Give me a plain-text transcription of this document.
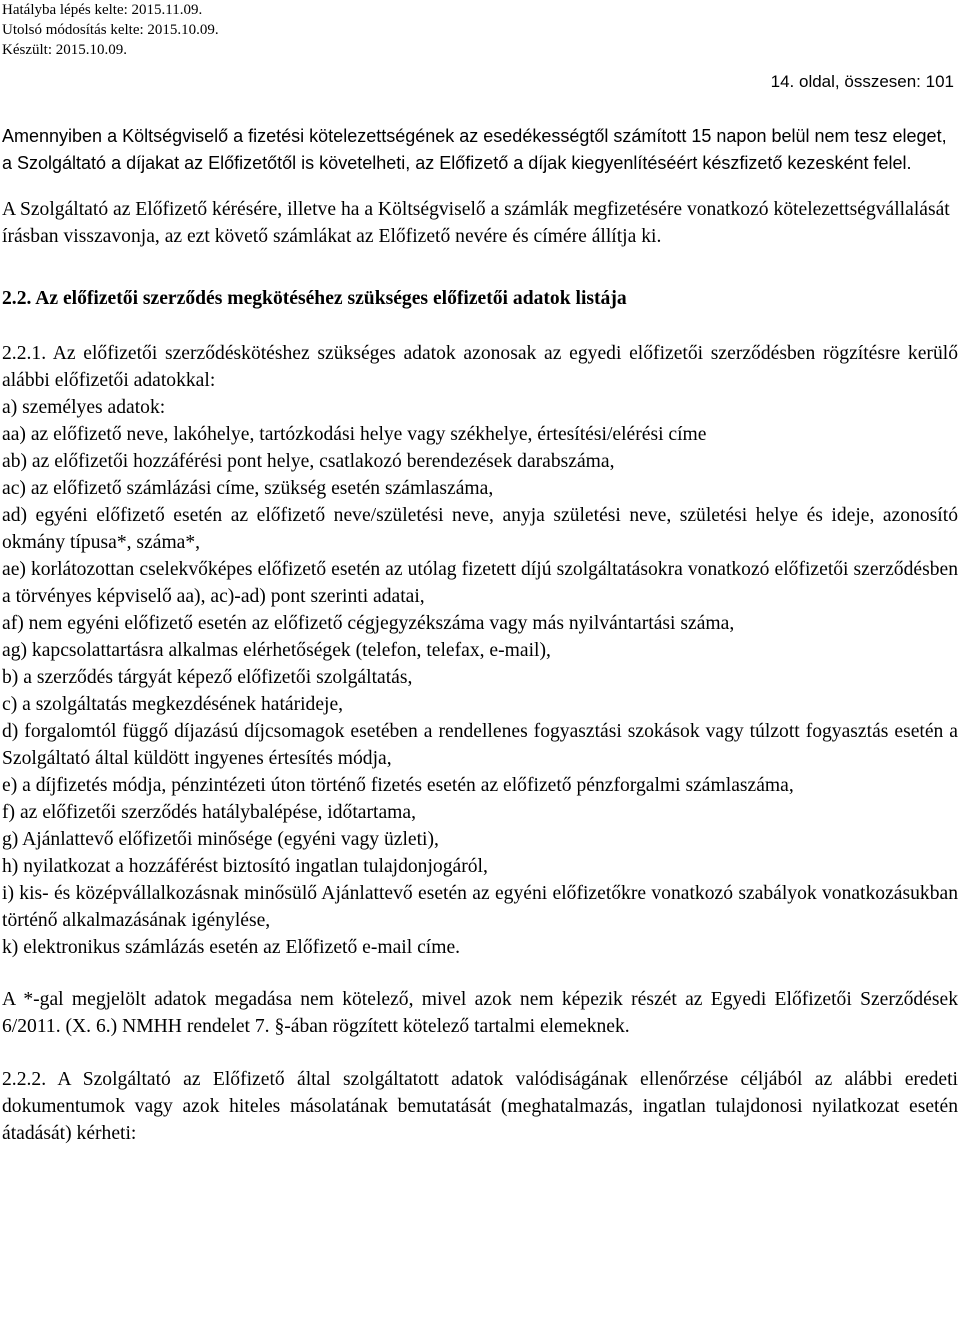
Hatályba lépés kelte: 2015.11.09.
Utolsó módosítás kelte: 2015.10.09.
Készült: 2015.10.09.
14. oldal, összesen: 101

Amennyiben a Költségviselő a fizetési kötelezettségének az esedékességtől számított 15 napon belül nem tesz eleget, a Szolgáltató a díjakat az Előfizetőtől is követelheti, az Előfizető a díjak kiegyenlítéséért készfizető kezesként felel.

A Szolgáltató az Előfizető kérésére, illetve ha a Költségviselő a számlák megfizetésére vonatkozó kötelezettségvállalását írásban visszavonja, az ezt követő számlákat az Előfizető nevére és címére állítja ki.

2.2. Az előfizetői szerződés megkötéséhez szükséges előfizetői adatok listája

2.2.1. Az előfizetői szerződéskötéshez szükséges adatok azonosak az egyedi előfizetői szerződésben rögzítésre kerülő alábbi előfizetői adatokkal:

a) személyes adatok:

aa) az előfizető neve, lakóhelye, tartózkodási helye vagy székhelye, értesítési/elérési címe

ab) az előfizetői hozzáférési pont helye, csatlakozó berendezések darabszáma,

ac) az előfizető számlázási címe, szükség esetén számlaszáma,

ad) egyéni előfizető esetén az előfizető neve/születési neve, anyja születési neve, születési helye és ideje, azonosító okmány típusa*, száma*,

ae) korlátozottan cselekvőképes előfizető esetén az utólag fizetett díjú szolgáltatásokra vonatkozó előfizetői szerződésben a törvényes képviselő aa), ac)-ad) pont szerinti adatai,

af) nem egyéni előfizető esetén az előfizető cégjegyzékszáma vagy más nyilvántartási száma,

ag) kapcsolattartásra alkalmas elérhetőségek (telefon, telefax, e-mail),

b) a szerződés tárgyát képező előfizetői szolgáltatás,

c) a szolgáltatás megkezdésének határideje,

d) forgalomtól függő díjazású díjcsomagok esetében a rendellenes fogyasztási szokások vagy túlzott fogyasztás esetén a Szolgáltató által küldött ingyenes értesítés módja,

e) a díjfizetés módja, pénzintézeti úton történő fizetés esetén az előfizető pénzforgalmi számlaszáma,

f) az előfizetői szerződés hatálybalépése, időtartama,

g) Ajánlattevő előfizetői minősége (egyéni vagy üzleti),

h) nyilatkozat a hozzáférést biztosító ingatlan tulajdonjogáról,

i) kis- és középvállalkozásnak minősülő Ajánlattevő esetén az egyéni előfizetőkre vonatkozó szabályok vonatkozásukban történő alkalmazásának igénylése,

k) elektronikus számlázás esetén az Előfizető e-mail címe.

A *-gal megjelölt adatok megadása nem kötelező, mivel azok nem képezik részét az Egyedi Előfizetői Szerződések 6/2011. (X. 6.) NMHH rendelet 7. §-ában rögzített kötelező tartalmi elemeknek.

2.2.2. A Szolgáltató az Előfizető által szolgáltatott adatok valódiságának ellenőrzése céljából az alábbi eredeti dokumentumok vagy azok hiteles másolatának bemutatását (meghatalmazás, ingatlan tulajdonosi nyilatkozat esetén átadását) kérheti:
